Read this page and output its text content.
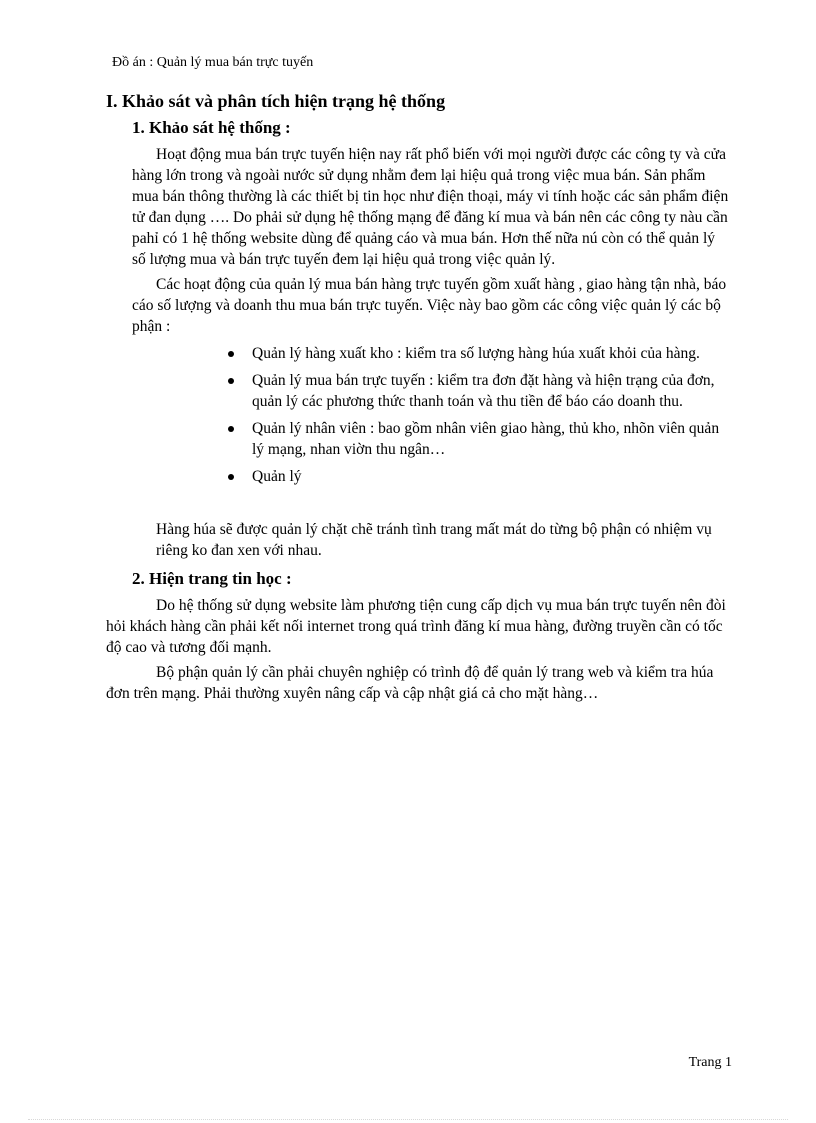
Đồ án : Quản lý mua bán trực tuyến
I. Khảo sát và phân tích hiện trạng hệ thống
1. Khảo sát hệ thống :

Hoạt động mua bán trực tuyến hiện nay rất phổ biến với mọi người được các công ty và cửa hàng lớn trong và ngoài nước sử dụng nhằm đem lại hiệu quả trong việc mua bán. Sản phẩm mua bán thông thường là các thiết bị tin học như điện thoại, máy vi tính hoặc các sản phẩm điện tử đan dụng …. Do phải sử dụng hệ thống mạng để đăng kí mua và bán nên các công ty nàu cần pahỉ có 1 hệ thống website dùng để quảng cáo và mua bán. Hơn thế nữa nú còn có thể quản lý số lượng mua và bán trực tuyến đem lại hiệu quả trong việc quản lý.

Các hoạt động của quản lý mua bán hàng trực tuyến gồm xuất hàng , giao hàng tận nhà, báo cáo số lượng và doanh thu mua bán trực tuyến. Việc này bao gồm các công việc quản lý các bộ phận :

Quản lý hàng xuất kho : kiểm tra số lượng hàng húa xuất khỏi của hàng.
Quản lý mua bán trực tuyến : kiểm tra đơn đặt hàng và hiện trạng của đơn, quản lý các phương thức thanh toán và thu tiền để báo cáo doanh thu.
Quản lý nhân viên : bao gồm nhân viên giao hàng, thủ kho, nhõn viên quản lý mạng, nhan viờn thu ngân…
Quản lý

Hàng húa sẽ được quản lý chặt chẽ tránh tình trang mất mát do từng bộ phận có nhiệm vụ riêng ko đan xen với nhau.

2. Hiện trang tin học :

Do hệ thống sử dụng website làm phương tiện cung cấp dịch vụ mua bán trực tuyến nên đòi hỏi khách hàng cần phải kết nối internet trong quá trình đăng kí mua hàng, đường truyền cần có tốc độ cao và tương đối mạnh.

Bộ phận quản lý cần phải chuyên nghiệp có trình độ để quản lý trang web và kiểm tra húa đơn trên mạng. Phải thường xuyên nâng cấp và cập nhật giá cả cho mặt hàng…

Trang 1
